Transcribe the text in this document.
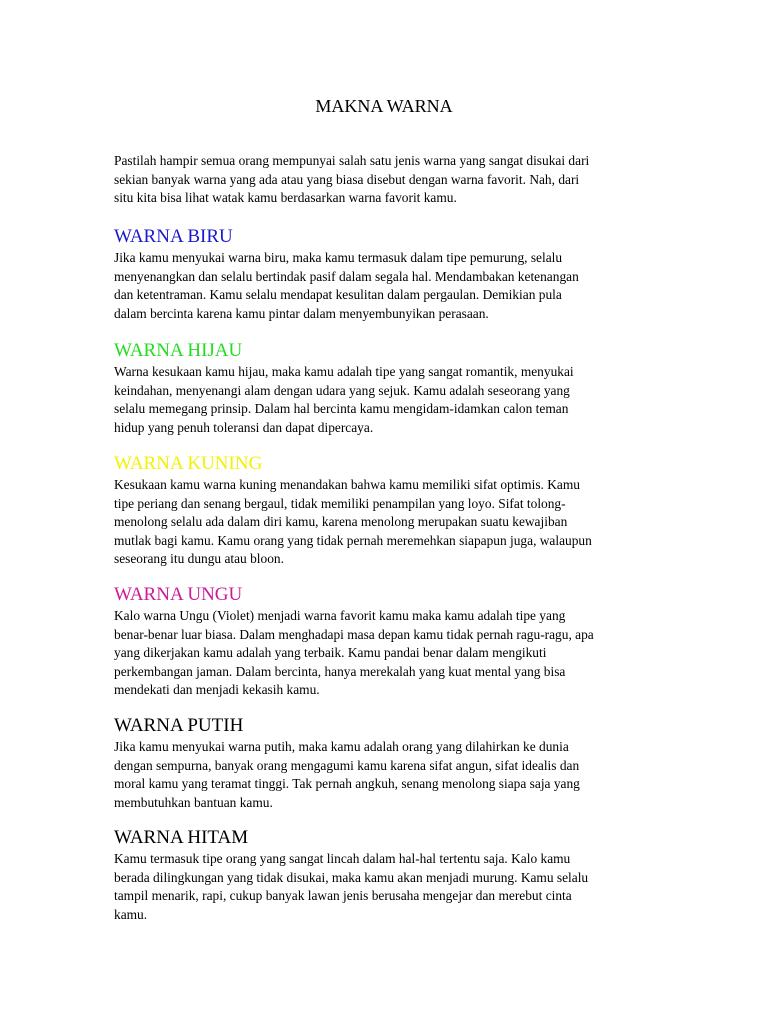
MAKNA WARNA

Pastilah hampir semua orang mempunyai salah satu jenis warna yang sangat disukai dari
sekian banyak warna yang ada atau yang biasa disebut dengan warna favorit. Nah, dari
situ kita bisa lihat watak kamu berdasarkan warna favorit kamu.

WARNA BIRU

Jika kamu menyukai warna biru, maka kamu termasuk dalam tipe pemurung, selalu
menyenangkan dan selalu bertindak pasif dalam segala hal. Mendambakan ketenangan
dan ketentraman. Kamu selalu mendapat kesulitan dalam pergaulan. Demikian pula
dalam bercinta karena kamu pintar dalam menyembunyikan perasaan.

WARNA HIJAU

Warna kesukaan kamu hijau, maka kamu adalah tipe yang sangat romantik, menyukai
keindahan, menyenangi alam dengan udara yang sejuk. Kamu adalah seseorang yang
selalu memegang prinsip. Dalam hal bercinta kamu mengidam-idamkan calon teman
hidup yang penuh toleransi dan dapat dipercaya.

WARNA KUNING

Kesukaan kamu warna kuning menandakan bahwa kamu memiliki sifat optimis. Kamu
tipe periang dan senang bergaul, tidak memiliki penampilan yang loyo. Sifat tolong-
menolong selalu ada dalam diri kamu, karena menolong merupakan suatu kewajiban
mutlak bagi kamu. Kamu orang yang tidak pernah meremehkan siapapun juga, walaupun
seseorang itu dungu atau bloon.

WARNA UNGU

Kalo warna Ungu (Violet) menjadi warna favorit kamu maka kamu adalah tipe yang
benar-benar luar biasa. Dalam menghadapi masa depan kamu tidak pernah ragu-ragu, apa
yang dikerjakan kamu adalah yang terbaik. Kamu pandai benar dalam mengikuti
perkembangan jaman. Dalam bercinta, hanya merekalah yang kuat mental yang bisa
mendekati dan menjadi kekasih kamu.

WARNA PUTIH

Jika kamu menyukai warna putih, maka kamu adalah orang yang dilahirkan ke dunia
dengan sempurna, banyak orang mengagumi kamu karena sifat angun, sifat idealis dan
moral kamu yang teramat tinggi. Tak pernah angkuh, senang menolong siapa saja yang
membutuhkan bantuan kamu.

WARNA HITAM

Kamu termasuk tipe orang yang sangat lincah dalam hal-hal tertentu saja. Kalo kamu
berada dilingkungan yang tidak disukai, maka kamu akan menjadi murung. Kamu selalu
tampil menarik, rapi, cukup banyak lawan jenis berusaha mengejar dan merebut cinta
kamu.
